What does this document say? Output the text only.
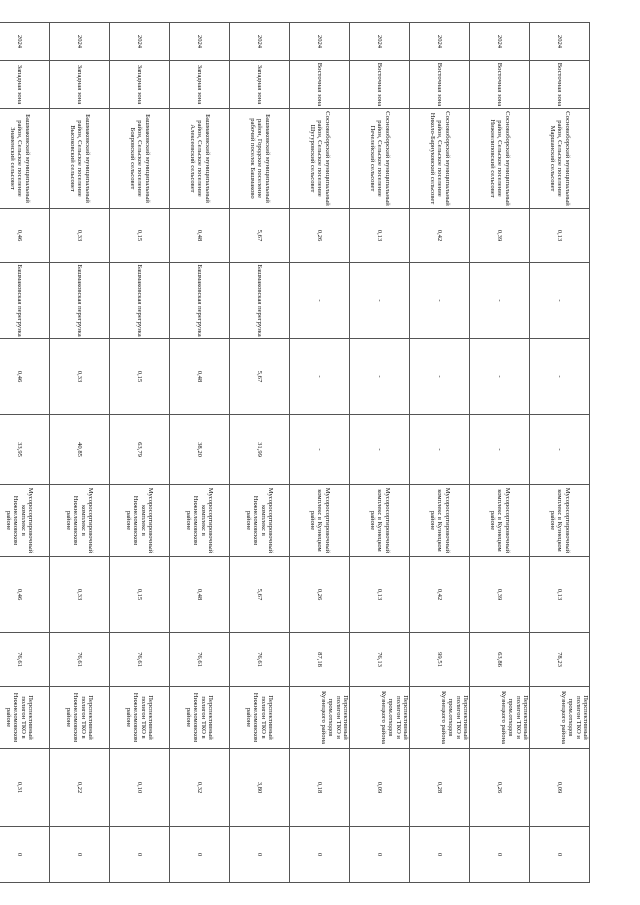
2024	Восточная зона	Сосновоборский муниципальный район, Сельское поселение Маршанский сельсовет	0,13	-	-	-	Мусоросортировочный комплекс в Кузнецком районе	0,13	78,23	Перспективный полигон ТКО и пром.отходов Кузнецкого района	0,09	0
2024	Восточная зона	Сосновоборский муниципальный район, Сельское поселение Нижнелиповский сельсовет	0,39	-	-	-	Мусоросортировочный комплекс в Кузнецком районе	0,39	63,86	Перспективный полигон ТКО и пром.отходов Кузнецкого района	0,26	0
2024	Восточная зона	Сосновоборский муниципальный район, Сельское поселение Николо-Барнуковский сельсовет	0,42	-	-	-	Мусоросортировочный комплекс в Кузнецком районе	0,42	99,51	Перспективный полигон ТКО и пром.отходов Кузнецкого района	0,28	0
2024	Восточная зона	Сосновоборский муниципальный район, Сельское поселение Печелейский сельсовет	0,13	-	-	-	Мусоросортировочный комплекс в Кузнецком районе	0,13	76,13	Перспективный полигон ТКО и пром.отходов Кузнецкого района	0,09	0
2024	Восточная зона	Сосновоборский муниципальный район, Сельское поселение Шугуровский сельсовет	0,26	-	-	-	Мусоросортировочный комплекс в Кузнецком районе	0,26	87,18	Перспективный полигон ТКО и пром.отходов Кузнецкого района	0,18	0
2024	Западная зона	Башмаковский муниципальный район, Городское поселение рабочий поселок Башмаково	5,67	Башмаковская перегрузка	5,67	31,99	Мусоросортировочный комплекс в Нижнеломовском районе	5,67	76,61	Перспективный полигон ТКО в Нижнеломовском районе	3,80	0
2024	Западная зона	Башмаковский муниципальный район, Сельское поселение Алексеевский сельсовет	0,48	Башмаковская перегрузка	0,48	38,20	Мусоросортировочный комплекс в Нижнеломовском районе	0,48	76,61	Перспективный полигон ТКО в Нижнеломовском районе	0,32	0
2024	Западная зона	Башмаковский муниципальный район, Сельское поселение Бояровский сельсовет	0,15	Башмаковская перегрузка	0,15	63,79	Мусоросортировочный комплекс в Нижнеломовском районе	0,15	76,61	Перспективный полигон ТКО в Нижнеломовском районе	0,10	0
2024	Западная зона	Башмаковский муниципальный район, Сельское поселение Высоковский сельсовет	0,33	Башмаковская перегрузка	0,33	40,85	Мусоросортировочный комплекс в Нижнеломовском районе	0,33	76,61	Перспективный полигон ТКО в Нижнеломовском районе	0,22	0
2024	Западная зона	Башмаковский муниципальный район, Сельское поселение Знаменский сельсовет	0,46	Башмаковская перегрузка	0,46	33,95	Мусоросортировочный комплекс в Нижнеломовском районе	0,46	76,61	Перспективный полигон ТКО в Нижнеломовском районе	0,31	0
